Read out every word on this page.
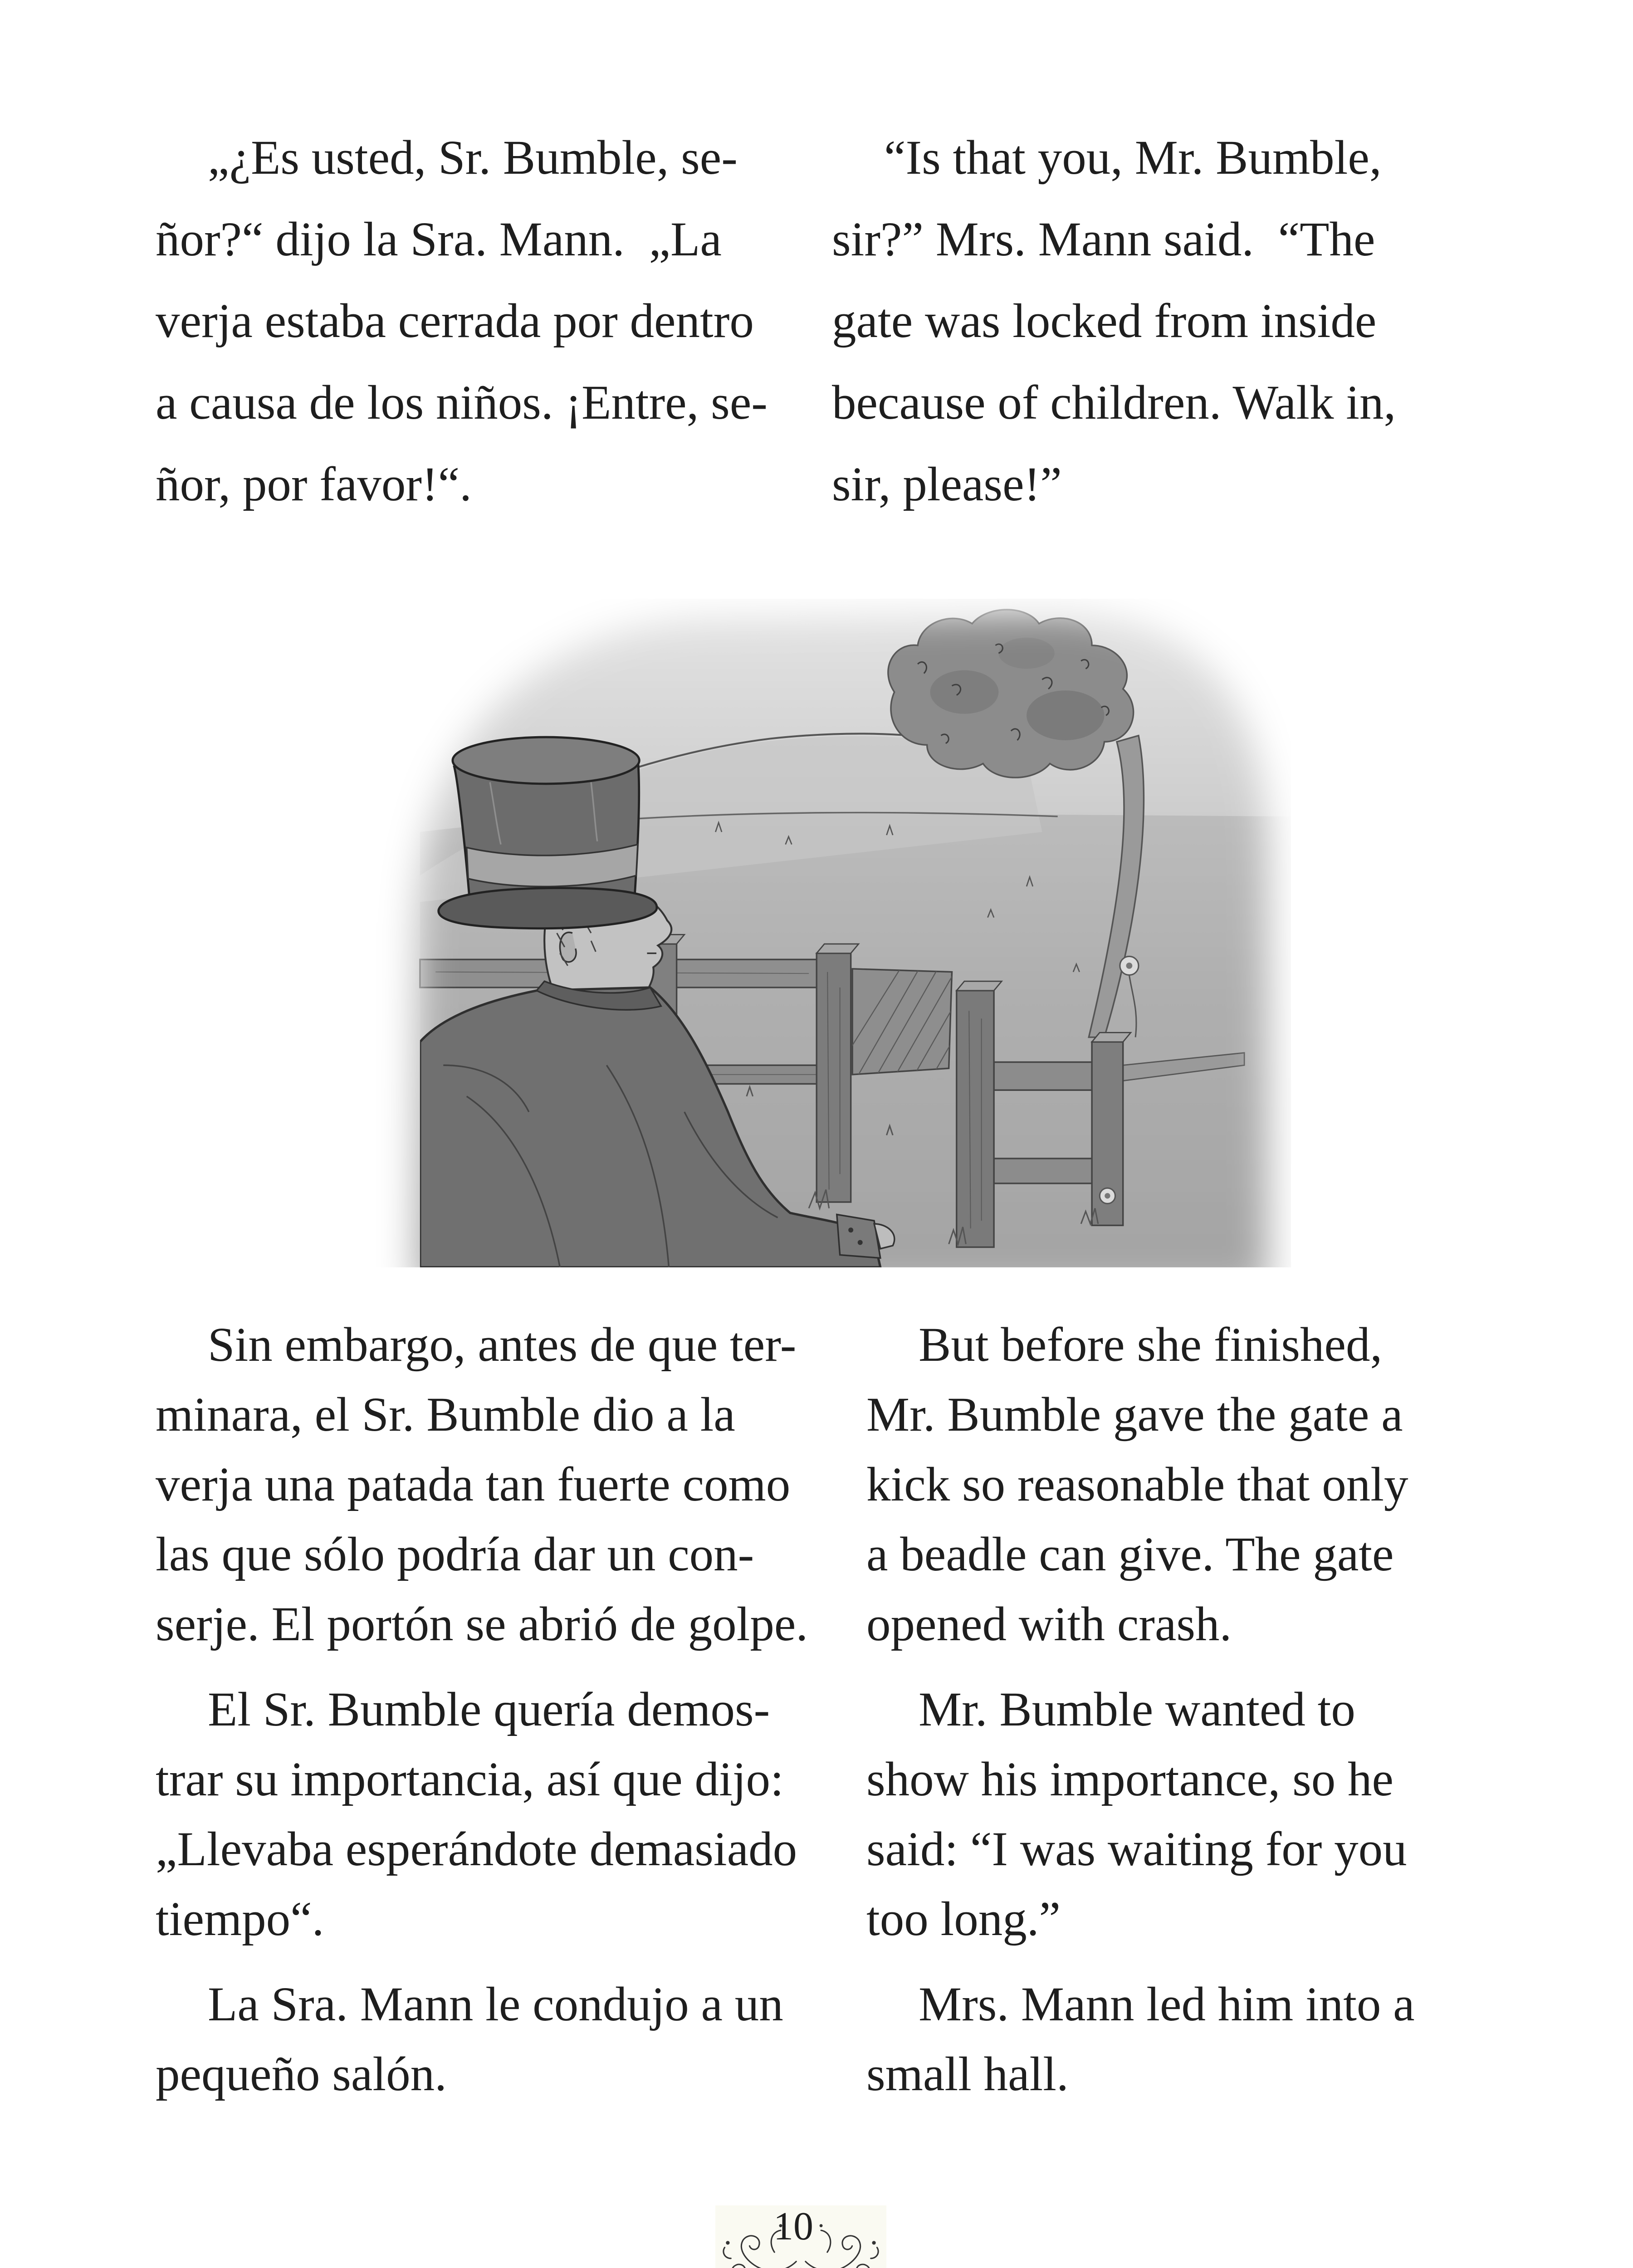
„¿Es usted, Sr. Bumble, se-
ñor?“ dijo la Sra. Mann.  „La
verja estaba cerrada por dentro
a causa de los niños. ¡Entre, se-
ñor, por favor!“.
“Is that you, Mr. Bumble,
sir?” Mrs. Mann said.  “The
gate was locked from inside
because of children. Walk in,
sir, please!”
Sin embargo, antes de que ter-
minara, el Sr. Bumble dio a la
verja una patada tan fuerte como
las que sólo podría dar un con-
serje. El portón se abrió de golpe.
El Sr. Bumble quería demos-
trar su importancia, así que dijo:
„Llevaba esperándote demasiado
tiempo“.
La Sra. Mann le condujo a un
pequeño salón.
But before she finished,
Mr. Bumble gave the gate a
kick so reasonable that only
a beadle can give. The gate
opened with crash.
Mr. Bumble wanted to
show his importance, so he
said: “I was waiting for you
too long.”
Mrs. Mann led him into a
small hall.
10
